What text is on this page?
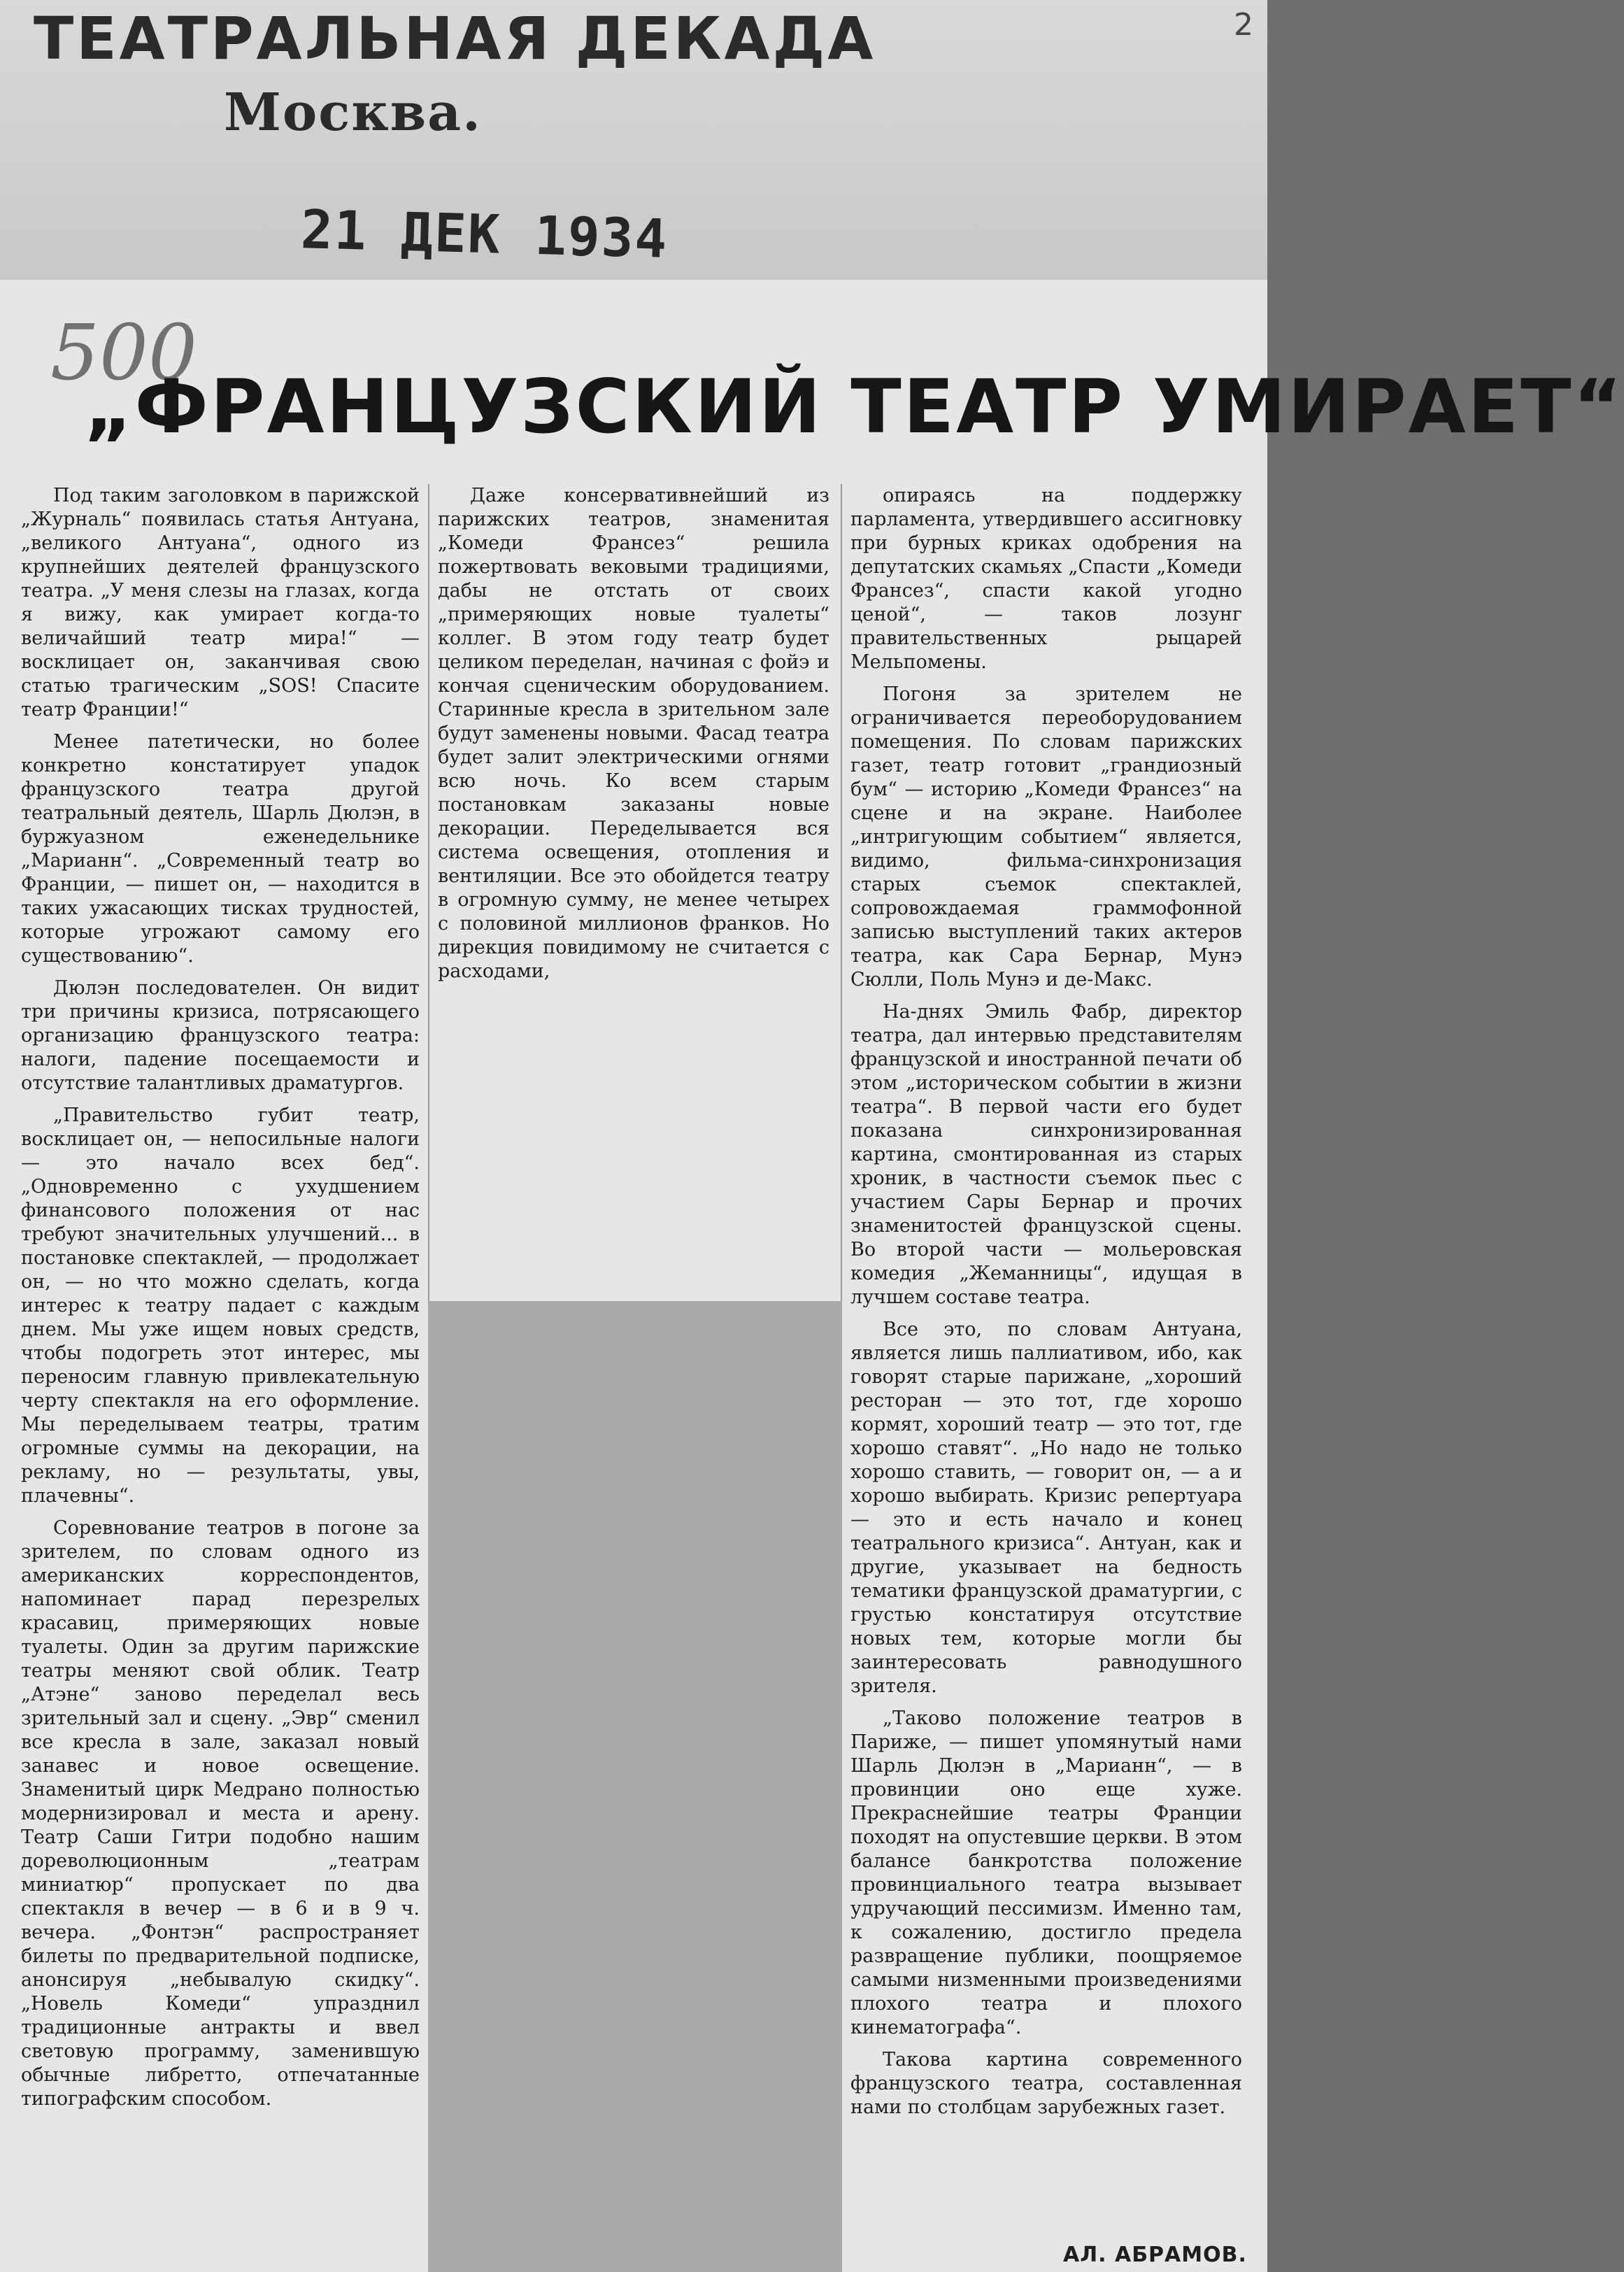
ТЕАТРАЛЬНАЯ ДЕКАДА
Москва.
21 ДЕК 1934
2
500
„ФРАНЦУЗСКИЙ ТЕАТР УМИРАЕТ“

Под таким заголовком в парижской „Журналь“ появилась статья Антуана, „великого Антуана“, одного из крупнейших деятелей французского театра. „У меня слезы на глазах, когда я вижу, как умирает когда-то величайший театр мира!“ — восклицает он, заканчивая свою статью трагическим „SOS! Спасите театр Франции!“

Менее патетически, но более конкретно констатирует упадок французского театра другой театральный деятель, Шарль Дюлэн, в буржуазном еженедельнике „Марианн“. „Современный театр во Франции, — пишет он, — находится в таких ужасающих тисках трудностей, которые угрожают самому его существованию“.

Дюлэн последователен. Он видит три причины кризиса, потрясающего организацию французского театра: налоги, падение посещаемости и отсутствие талантливых драматургов.

„Правительство губит театр, восклицает он, — непосильные налоги — это начало всех бед“. „Одновременно с ухудшением финансового положения от нас требуют значительных улучшений... в постановке спектаклей, — продолжает он, — но что можно сделать, когда интерес к театру падает с каждым днем. Мы уже ищем новых средств, чтобы подогреть этот интерес, мы переносим главную привлекательную черту спектакля на его оформление. Мы переделываем театры, тратим огромные суммы на декорации, на рекламу, но — результаты, увы, плачевны“.

Соревнование театров в погоне за зрителем, по словам одного из американских корреспондентов, напоминает парад перезрелых красавиц, примеряющих новые туалеты. Один за другим парижские театры меняют свой облик. Театр „Атэне“ заново переделал весь зрительный зал и сцену. „Эвр“ сменил все кресла в зале, заказал новый занавес и новое освещение. Знаменитый цирк Медрано полностью модернизировал и места и арену. Театр Саши Гитри подобно нашим дореволюционным „театрам миниатюр“ пропускает по два спектакля в вечер — в 6 и в 9 ч. вечера. „Фонтэн“ распространяет билеты по предварительной подписке, анонсируя „небывалую скидку“. „Новель Комеди“ упразднил традиционные антракты и ввел световую программу, заменившую обычные либретто, отпечатанные типографским способом.

Даже консервативнейший из парижских театров, знаменитая „Комеди Франсез“ решила пожертвовать вековыми традициями, дабы не отстать от своих „примеряющих новые туалеты“ коллег. В этом году театр будет целиком переделан, начиная с фойэ и кончая сценическим оборудованием. Старинные кресла в зрительном зале будут заменены новыми. Фасад театра будет залит электрическими огнями всю ночь. Ко всем старым постановкам заказаны новые декорации. Переделывается вся система освещения, отопления и вентиляции. Все это обойдется театру в огромную сумму, не менее четырех с половиной миллионов франков. Но дирекция повидимому не считается с расходами,

опираясь на поддержку парламента, утвердившего ассигновку при бурных криках одобрения на депутатских скамьях „Спасти „Комеди Франсез“, спасти какой угодно ценой“, — таков лозунг правительственных рыцарей Мельпомены.

Погоня за зрителем не ограничивается переоборудованием помещения. По словам парижских газет, театр готовит „грандиозный бум“ — историю „Комеди Франсез“ на сцене и на экране. Наиболее „интригующим событием“ является, видимо, фильма-синхронизация старых съемок спектаклей, сопровождаемая граммофонной записью выступлений таких актеров театра, как Сара Бернар, Мунэ Сюлли, Поль Мунэ и де-Макс.

На-днях Эмиль Фабр, директор театра, дал интервью представителям французской и иностранной печати об этом „историческом событии в жизни театра“. В первой части его будет показана синхронизированная картина, смонтированная из старых хроник, в частности съемок пьес с участием Сары Бернар и прочих знаменитостей французской сцены. Во второй части — мольеровская комедия „Жеманницы“, идущая в лучшем составе театра.

Все это, по словам Антуана, является лишь паллиативом, ибо, как говорят старые парижане, „хороший ресторан — это тот, где хорошо кормят, хороший театр — это тот, где хорошо ставят“. „Но надо не только хорошо ставить, — говорит он, — а и хорошо выбирать. Кризис репертуара — это и есть начало и конец театрального кризиса“. Антуан, как и другие, указывает на бедность тематики французской драматургии, с грустью констатируя отсутствие новых тем, которые могли бы заинтересовать равнодушного зрителя.

„Таково положение театров в Париже, — пишет упомянутый нами Шарль Дюлэн в „Марианн“, — в провинции оно еще хуже. Прекраснейшие театры Франции походят на опустевшие церкви. В этом балансе банкротства положение провинциального театра вызывает удручающий пессимизм. Именно там, к сожалению, достигло предела развращение публики, поощряемое самыми низменными произведениями плохого театра и плохого кинематографа“.

Такова картина современного французского театра, составленная нами по столбцам зарубежных газет.

АЛ. АБРАМОВ.
